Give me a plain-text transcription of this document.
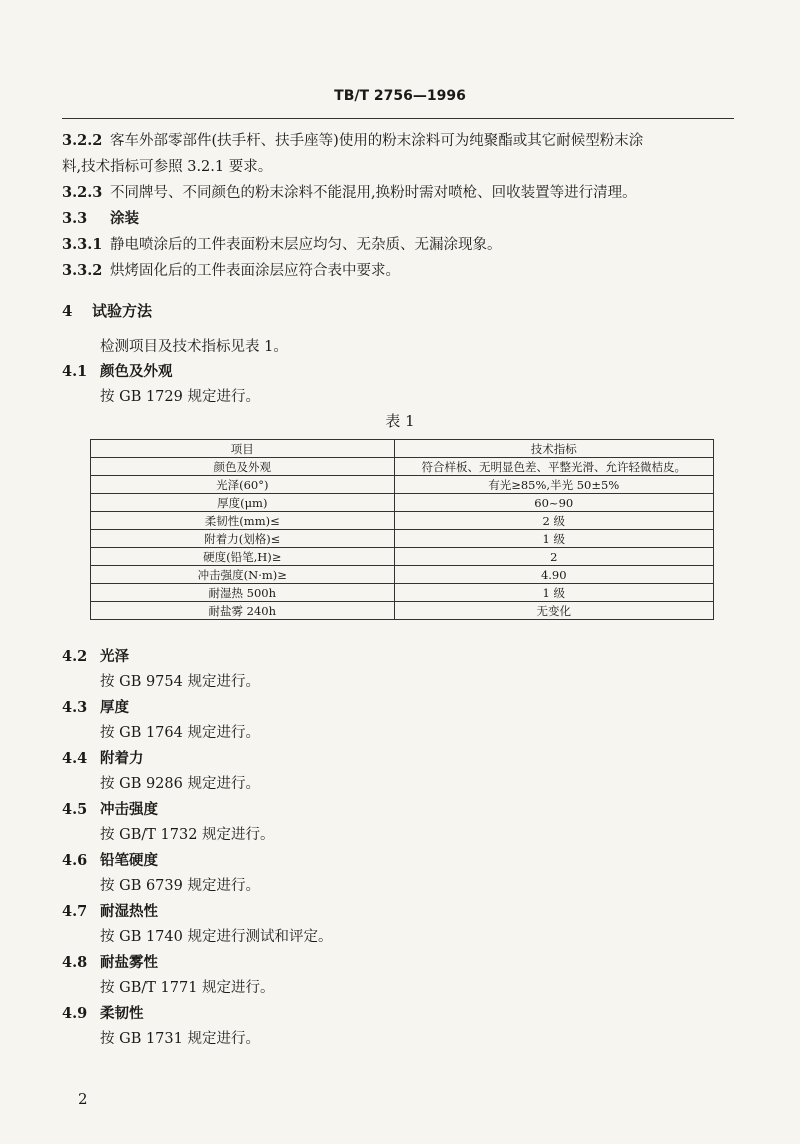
TB/T 2756—1996

3.2.2 客车外部零部件(扶手杆、扶手座等)使用的粉末涂料可为纯聚酯或其它耐候型粉末涂

料,技术指标可参照 3.2.1 要求。

3.2.3 不同牌号、不同颜色的粉末涂料不能混用,换粉时需对喷枪、回收装置等进行清理。

3.3 涂装

3.3.1 静电喷涂后的工件表面粉末层应均匀、无杂质、无漏涂现象。

3.3.2 烘烤固化后的工件表面涂层应符合表中要求。

4 试验方法

检测项目及技术指标见表 1。

4.1 颜色及外观

按 GB 1729 规定进行。

表 1
项目	技术指标
颜色及外观	符合样板、无明显色差、平整光滑、允许轻微桔皮。
光泽(60°)	有光≥85%,半光 50±5%
厚度(μm)	60~90
柔韧性(mm)≤	2 级
附着力(划格)≤	1 级
硬度(铅笔,H)≥	2
冲击强度(N·m)≥	4.90
耐湿热 500h	1 级
耐盐雾 240h	无变化

4.2 光泽

按 GB 9754 规定进行。

4.3 厚度

按 GB 1764 规定进行。

4.4 附着力

按 GB 9286 规定进行。

4.5 冲击强度

按 GB/T 1732 规定进行。

4.6 铅笔硬度

按 GB 6739 规定进行。

4.7 耐湿热性

按 GB 1740 规定进行测试和评定。

4.8 耐盐雾性

按 GB/T 1771 规定进行。

4.9 柔韧性

按 GB 1731 规定进行。

2
